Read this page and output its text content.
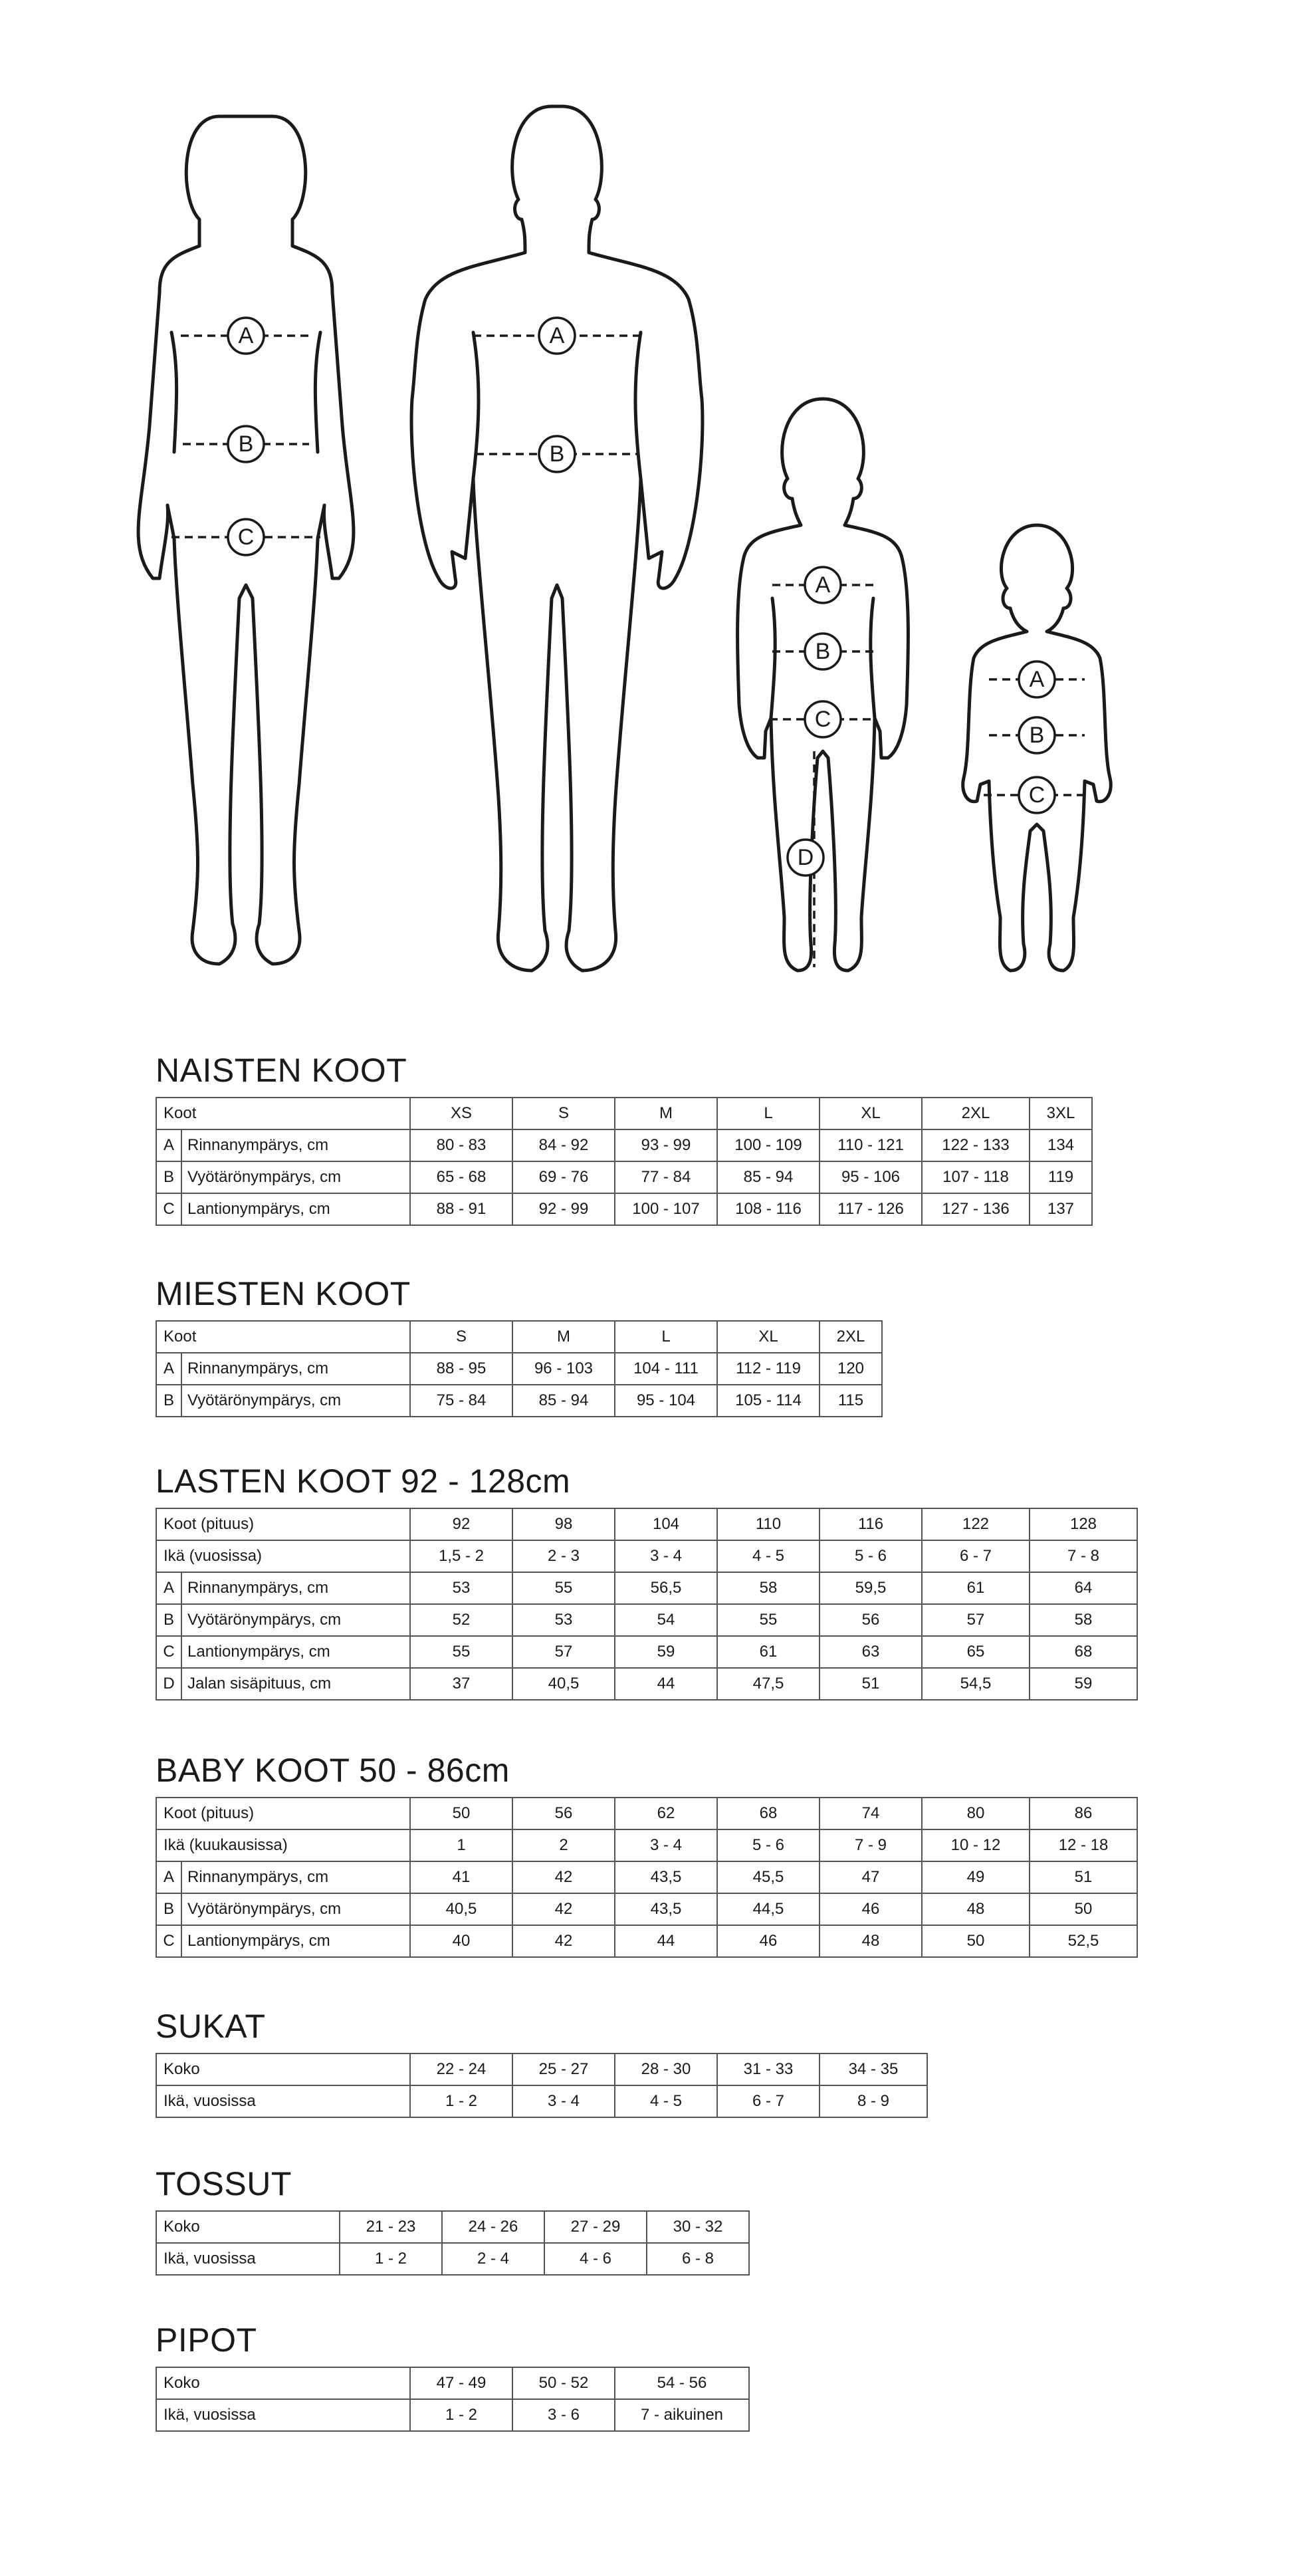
A
B
C
A
B
A
B
C
D
A
B
C
NAISTEN KOOT
Koot		XS	S	M	L	XL	2XL	3XL
A	Rinnanympärys, cm	80 - 83	84 - 92	93 - 99	100 - 109	110 - 121	122 - 133	134
B	Vyötärönympärys, cm	65 - 68	69 - 76	77 - 84	85 - 94	95 - 106	107 - 118	119
C	Lantionympärys, cm	88 - 91	92 - 99	100 - 107	108 - 116	117 - 126	127 - 136	137
MIESTEN KOOT
Koot		S	M	L	XL	2XL
A	Rinnanympärys, cm	88 - 95	96 - 103	104 - 111	112 - 119	120
B	Vyötärönympärys, cm	75 - 84	85 - 94	95 - 104	105 - 114	115
LASTEN KOOT 92 - 128cm
Koot (pituus)		92	98	104	110	116	122	128
Ikä (vuosissa)		1,5 - 2	2 - 3	3 - 4	4 - 5	5 - 6	6 - 7	7 - 8
A	Rinnanympärys, cm	53	55	56,5	58	59,5	61	64
B	Vyötärönympärys, cm	52	53	54	55	56	57	58
C	Lantionympärys, cm	55	57	59	61	63	65	68
D	Jalan sisäpituus, cm	37	40,5	44	47,5	51	54,5	59
BABY KOOT 50 - 86cm
Koot (pituus)		50	56	62	68	74	80	86
Ikä (kuukausissa)		1	2	3 - 4	5 - 6	7 - 9	10 - 12	12 - 18
A	Rinnanympärys, cm	41	42	43,5	45,5	47	49	51
B	Vyötärönympärys, cm	40,5	42	43,5	44,5	46	48	50
C	Lantionympärys, cm	40	42	44	46	48	50	52,5
SUKAT
Koko	22 - 24	25 - 27	28 - 30	31 - 33	34 - 35
Ikä, vuosissa	1 - 2	3 - 4	4 - 5	6 - 7	8 - 9
TOSSUT
Koko	21 - 23	24 - 26	27 - 29	30 - 32
Ikä, vuosissa	1 - 2	2 - 4	4 - 6	6 - 8
PIPOT
Koko	47 - 49	50 - 52	54 - 56
Ikä, vuosissa	1 - 2	3 - 6	7 - aikuinen
